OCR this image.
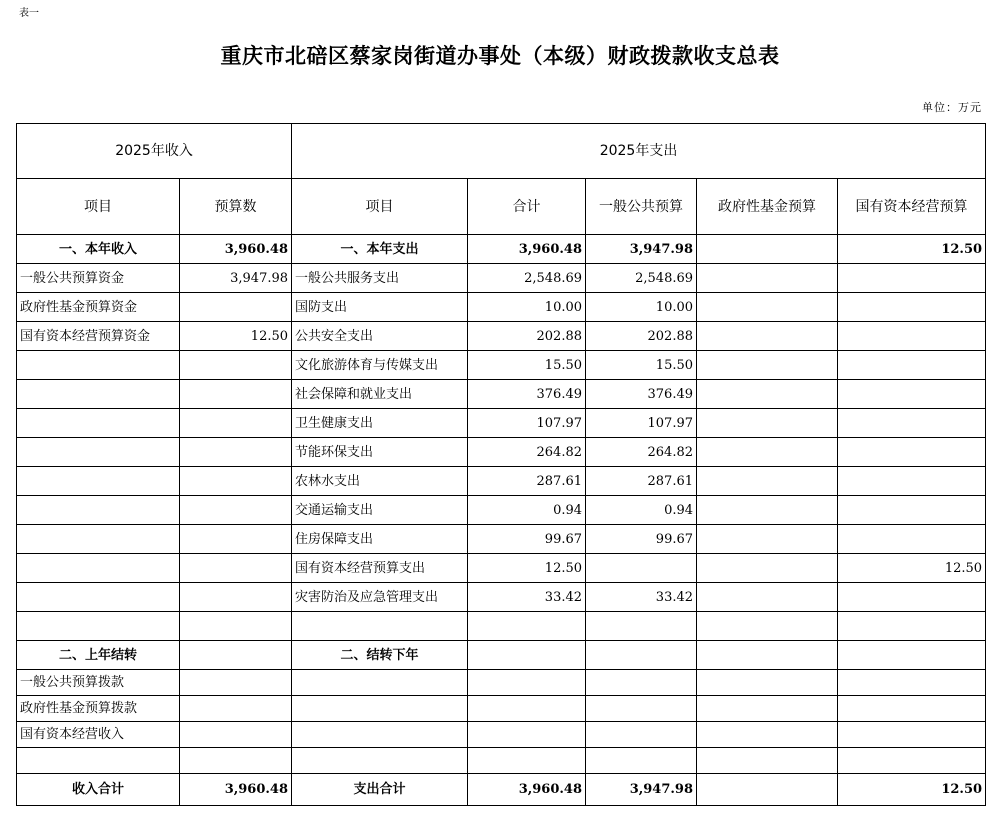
表一
重庆市北碚区蔡家岗街道办事处（本级）财政拨款收支总表
单位：万元
2025年收入		2025年支出				
项目	预算数	项目	合计	一般公共预算	政府性基金预算	国有资本经营预算
一、本年收入	3,960.48	一、本年支出	3,960.48	3,947.98		12.50
一般公共预算资金	3,947.98	一般公共服务支出	2,548.69	2,548.69		
政府性基金预算资金		国防支出	10.00	10.00		
国有资本经营预算资金	12.50	公共安全支出	202.88	202.88		
		文化旅游体育与传媒支出	15.50	15.50		
		社会保障和就业支出	376.49	376.49		
		卫生健康支出	107.97	107.97		
		节能环保支出	264.82	264.82		
		农林水支出	287.61	287.61		
		交通运输支出	0.94	0.94		
		住房保障支出	99.67	99.67		
		国有资本经营预算支出	12.50			12.50
		灾害防治及应急管理支出	33.42	33.42		

二、上年结转		二、结转下年				
一般公共预算拨款						
政府性基金预算拨款						
国有资本经营收入						

收入合计	3,960.48	支出合计	3,960.48	3,947.98		12.50
